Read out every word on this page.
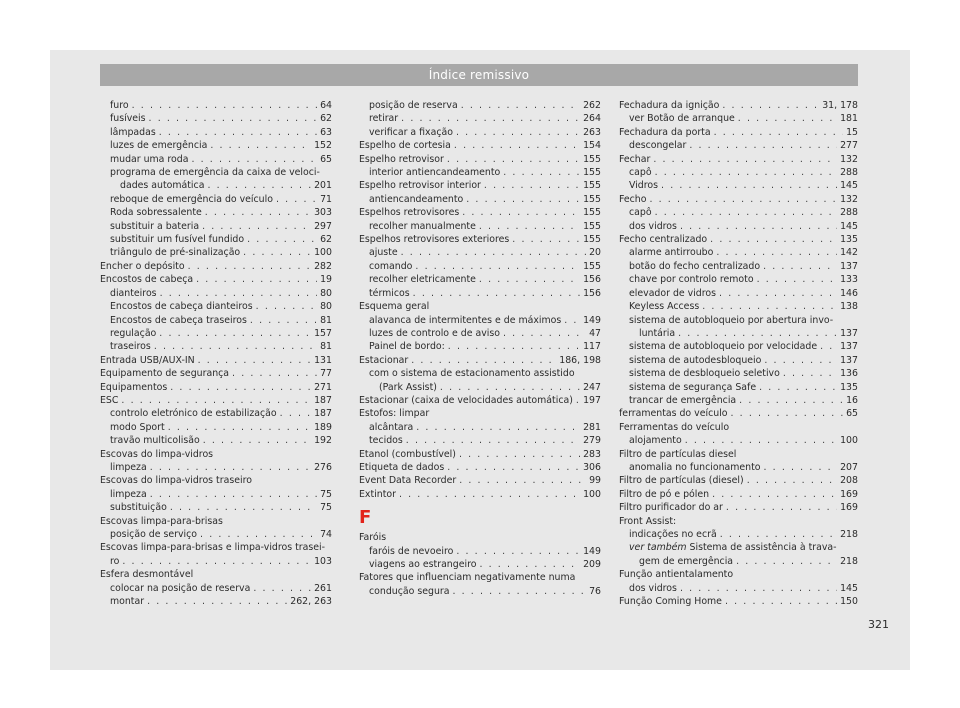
Índice remissivo
furo . . .	64
fusíveis . . .	62
lâmpadas . . .	63
luzes de emergência . . .	152
mudar uma roda . . .	65
programa de emergência da caixa de veloci-
dades automática . . .	201
reboque de emergência do veículo . . .	71
Roda sobressalente . . .	303
substituir a bateria . . .	297
substituir um fusível fundido . . .	62
triângulo de pré-sinalização . . .	100
Encher o depósito . . .	282
Encostos de cabeça . . .	19
dianteiros . . .	80
Encostos de cabeça dianteiros . . .	80
Encostos de cabeça traseiros . . .	81
regulação . . .	157
traseiros . . .	81
Entrada USB/AUX-IN . . .	131
Equipamento de segurança . . .	77
Equipamentos . . .	271
ESC . . .	187
controlo eletrónico de estabilização . . .	187
modo Sport . . .	189
travão multicolisão . . .	192
Escovas do limpa-vidros
limpeza . . .	276
Escovas do limpa-vidros traseiro
limpeza . . .	75
substituição . . .	75
Escovas limpa-para-brisas
posição de serviço . . .	74
Escovas limpa-para-brisas e limpa-vidros trasei-
ro . . .	103
Esfera desmontável
colocar na posição de reserva . . .	261
montar . . .	262, 263
posição de reserva . . .	262
retirar . . .	264
verificar a fixação . . .	263
Espelho de cortesia . . .	154
Espelho retrovisor . . .	155
interior antiencandeamento . . .	155
Espelho retrovisor interior . . .	155
antiencandeamento . . .	155
Espelhos retrovisores . . .	155
recolher manualmente . . .	155
Espelhos retrovisores exteriores . . .	155
ajuste . . .	20
comando . . .	155
recolher eletricamente . . .	156
térmicos . . .	156
Esquema geral
alavanca de intermitentes e de máximos . . . 149
luzes de controlo e de aviso . . .	47
Painel de bordo: . . .	117
Estacionar . . .	186, 198
com o sistema de estacionamento assistido
(Park Assist) . . .	247
Estacionar (caixa de velocidades automática) . . . 197
Estofos: limpar
alcântara . . .	281
tecidos . . .	279
Etanol (combustível) . . .	283
Etiqueta de dados . . .	306
Event Data Recorder . . .	99
Extintor . . .	100
F
Faróis
faróis de nevoeiro . . .	149
viagens ao estrangeiro . . .	209
Fatores que influenciam negativamente numa
condução segura . . .	76
Fechadura da ignição . . .	31, 178
ver Botão de arranque . . .	181
Fechadura da porta . . .	15
descongelar . . .	277
Fechar . . .	132
capô . . .	288
Vidros . . .	145
Fecho . . .	132
capô . . .	288
dos vidros . . .	145
Fecho centralizado . . .	135
alarme antirroubo . . .	142
botão do fecho centralizado . . .	137
chave por controlo remoto . . .	133
elevador de vidros . . .	146
Keyless Access . . .	138
sistema de autobloqueio por abertura invo-
luntária . . .	137
sistema de autobloqueio por velocidade . . . 137
sistema de autodesbloqueio . . .	137
sistema de desbloqueio seletivo . . .	136
sistema de segurança Safe . . .	135
trancar de emergência . . .	16
ferramentas do veículo . . .	65
Ferramentas do veículo
alojamento . . .	100
Filtro de partículas diesel
anomalia no funcionamento . . .	207
Filtro de partículas (diesel) . . .	208
Filtro de pó e pólen . . .	169
Filtro purificador do ar . . .	169
Front Assist:
indicações no ecrã . . .	218
ver também Sistema de assistência à trava-
gem de emergência . . .	218
Função antientalamento
dos vidros . . .	145
Função Coming Home . . .	150
321
